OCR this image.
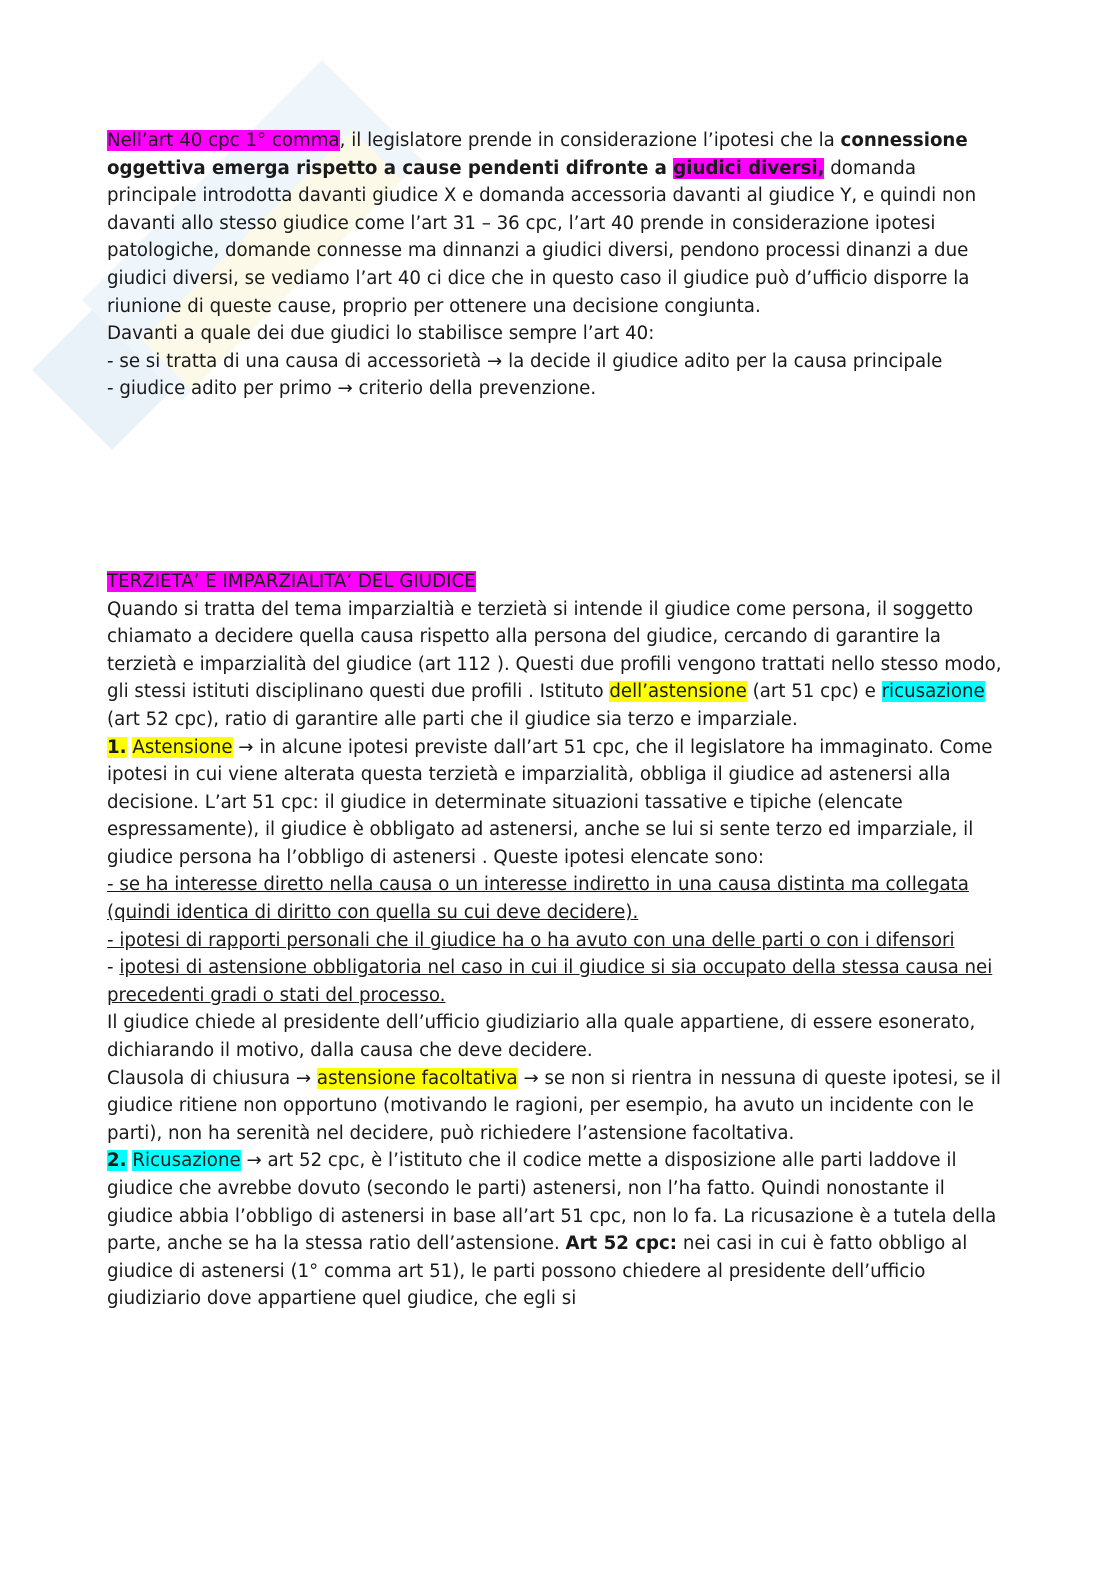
Nell’art 40 cpc 1° comma, il legislatore prende in considerazione l’ipotesi che la connessione oggettiva emerga rispetto a cause pendenti difronte a giudici diversi, domanda principale introdotta davanti giudice X e domanda accessoria davanti al giudice Y, e quindi non davanti allo stesso giudice come l’art 31 – 36 cpc, l’art 40 prende in considerazione ipotesi patologiche, domande connesse ma dinnanzi a giudici diversi, pendono processi dinanzi a due giudici diversi, se vediamo l’art 40 ci dice che in questo caso il giudice può d’ufficio disporre la riunione di queste cause, proprio per ottenere una decisione congiunta.

Davanti a quale dei due giudici lo stabilisce sempre l’art 40:

- se si tratta di una causa di accessorietà → la decide il giudice adito per la causa principale

- giudice adito per primo → criterio della prevenzione.

TERZIETA’ E IMPARZIALITA’ DEL GIUDICE

Quando si tratta del tema imparzialtià e terzietà si intende il giudice come persona, il soggetto chiamato a decidere quella causa rispetto alla persona del giudice, cercando di garantire la terzietà e imparzialità del giudice (art 112 ). Questi due profili vengono trattati nello stesso modo, gli stessi istituti disciplinano questi due profili . Istituto dell’astensione (art 51 cpc) e ricusazione (art 52 cpc), ratio di garantire alle parti che il giudice sia terzo e imparziale.

1. Astensione → in alcune ipotesi previste dall’art 51 cpc, che il legislatore ha immaginato. Come ipotesi in cui viene alterata questa terzietà e imparzialità, obbliga il giudice ad astenersi alla decisione. L’art 51 cpc: il giudice in determinate situazioni tassative e tipiche (elencate espressamente), il giudice è obbligato ad astenersi, anche se lui si sente terzo ed imparziale, il giudice persona ha l’obbligo di astenersi . Queste ipotesi elencate sono:

- se ha interesse diretto nella causa o un interesse indiretto in una causa distinta ma collegata (quindi identica di diritto con quella su cui deve decidere).

- ipotesi di rapporti personali che il giudice ha o ha avuto con una delle parti o con i difensori

- ipotesi di astensione obbligatoria nel caso in cui il giudice si sia occupato della stessa causa nei precedenti gradi o stati del processo.

Il giudice chiede al presidente dell’ufficio giudiziario alla quale appartiene, di essere esonerato, dichiarando il motivo, dalla causa che deve decidere.

Clausola di chiusura → astensione facoltativa → se non si rientra in nessuna di queste ipotesi, se il giudice ritiene non opportuno (motivando le ragioni, per esempio, ha avuto un incidente con le parti), non ha serenità nel decidere, può richiedere l’astensione facoltativa.

2. Ricusazione → art 52 cpc, è l’istituto che il codice mette a disposizione alle parti laddove il giudice che avrebbe dovuto (secondo le parti) astenersi, non l’ha fatto. Quindi nonostante il giudice abbia l’obbligo di astenersi in base all’art 51 cpc, non lo fa. La ricusazione è a tutela della parte, anche se ha la stessa ratio dell’astensione. Art 52 cpc: nei casi in cui è fatto obbligo al giudice di astenersi (1° comma art 51), le parti possono chiedere al presidente dell’ufficio giudiziario dove appartiene quel giudice, che egli si
